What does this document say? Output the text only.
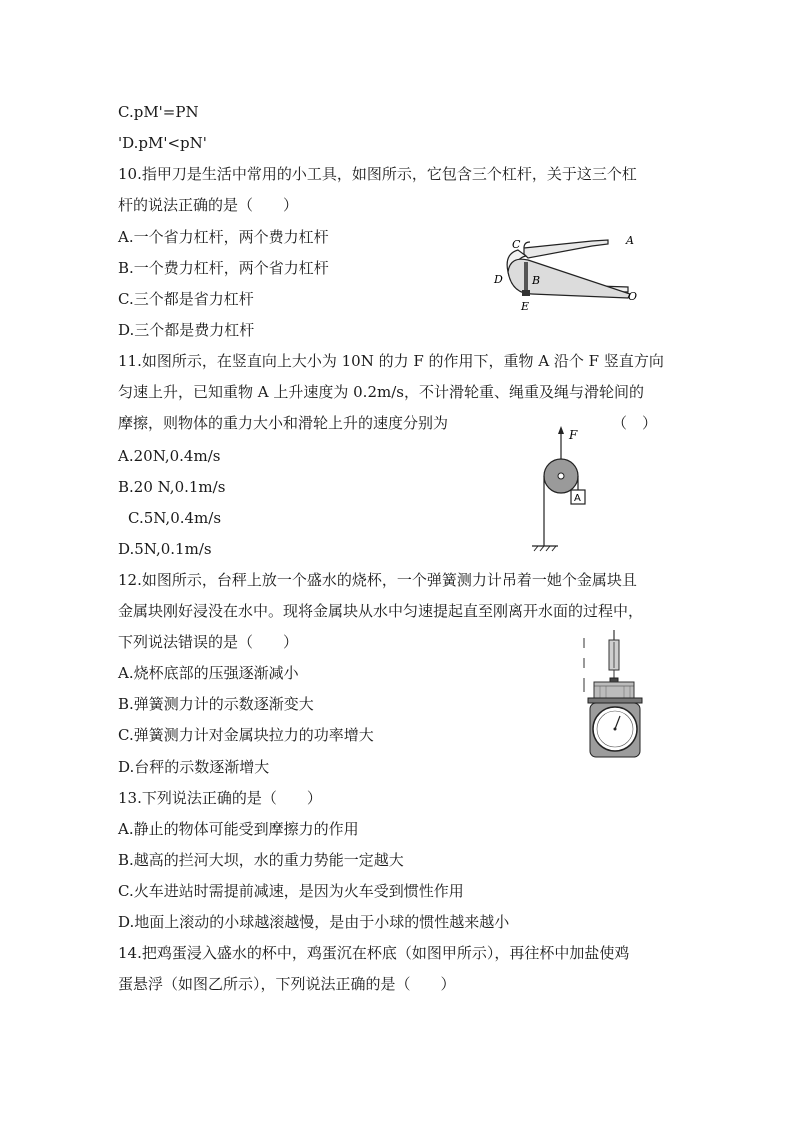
C.pM'=PN
'D.pM'<pN'
10.指甲刀是生活中常用的小工具，如图所示，它包含三个杠杆，关于这三个杠
杆的说法正确的是（　　）
A.一个省力杠杆，两个费力杠杆
B.一个费力杠杆，两个省力杠杆
C.三个都是省力杠杆
D.三个都是费力杠杆
11.如图所示，在竖直向上大小为 10N 的力 F 的作用下，重物 A 沿个 F 竖直方向
匀速上升，已知重物 A 上升速度为 0.2m/s，不计滑轮重、绳重及绳与滑轮间的
摩擦，则物体的重力大小和滑轮上升的速度分别为	（　）
A.20N,0.4m/s
B.20 N,0.1m/s
C.5N,0.4m/s
D.5N,0.1m/s
12.如图所示，台秤上放一个盛水的烧杯，一个弹簧测力计吊着一她个金属块且
金属块刚好浸没在水中。现将金属块从水中匀速提起直至刚离开水面的过程中，
下列说法错误的是（　　）
A.烧杯底部的压强逐渐减小
B.弹簧测力计的示数逐渐变大
C.弹簧测力计对金属块拉力的功率增大
D.台秤的示数逐渐增大
13.下列说法正确的是（　　）
A.静止的物体可能受到摩擦力的作用
B.越高的拦河大坝，水的重力势能一定越大
C.火车进站时需提前减速，是因为火车受到惯性作用
D.地面上滚动的小球越滚越慢，是由于小球的惯性越来越小
14.把鸡蛋浸入盛水的杯中，鸡蛋沉在杯底（如图甲所示），再往杯中加盐使鸡
蛋悬浮（如图乙所示），下列说法正确的是（　　）
C	A
B
D
E
O
F
A
